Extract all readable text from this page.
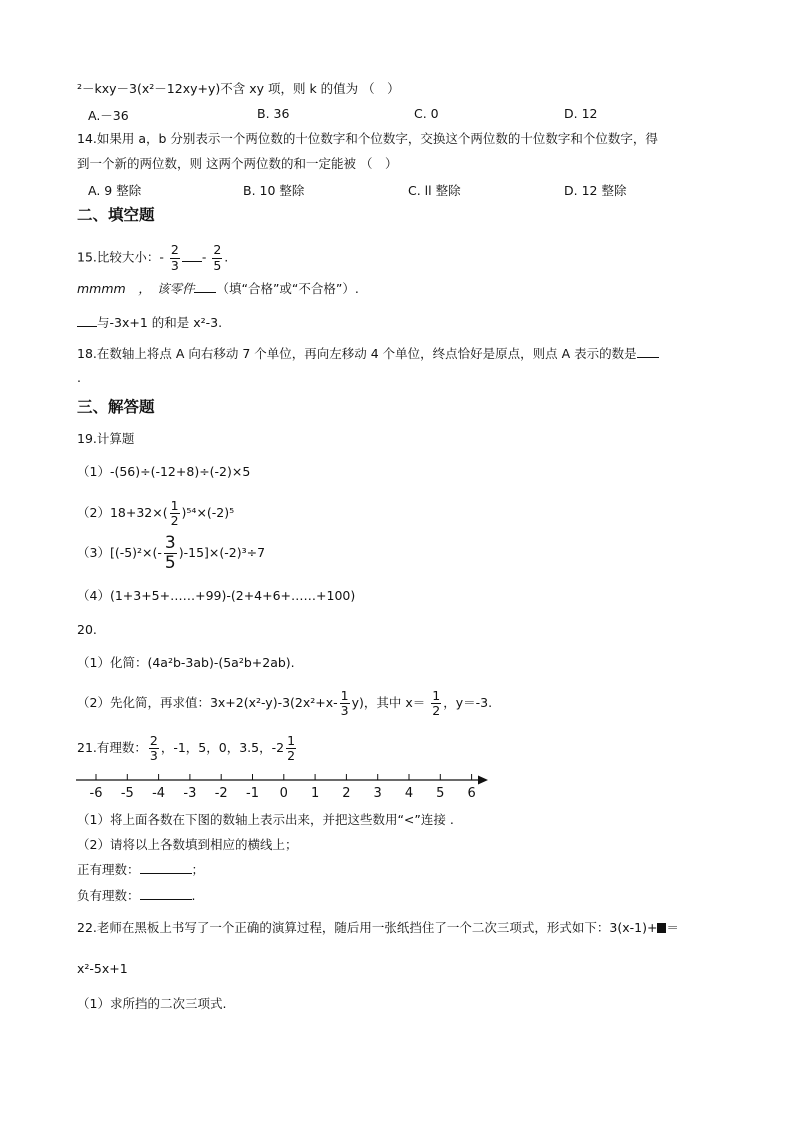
²－kxy－3(x²－12xy+y)不含 xy 项，则 k 的值为 （　）
A.－36	B. 36	C. 0	D. 12
14.如果用 a，b 分别表示一个两位数的十位数字和个位数字，交换这个两位数的十位数字和个位数字，得
到一个新的两位数，则 这两个两位数的和一定能被 （　）
A. 9 整除	B. 10 整除	C. ll 整除	D. 12 整除
二、填空题
15.比较大小：- $\frac{2}{3} - \frac{2}{5}$ .
mmmm　，　该零件 （填“合格”或“不合格”）.
与-3x+1 的和是 x²-3.
18.在数轴上将点 A 向右移动 7 个单位，再向左移动 4 个单位，终点恰好是原点，则点 A 表示的数是
.
三、解答题
19.计算题
（1）-(56)÷(-12+8)÷(-2)×5
$(2)18+32\times( \frac{1}{2} )^{54}\times(-2)^5$
$(3)[(-5)^2\times(- \frac{3}{5} )-15]\times(-2)^3\div 7$
（4）(1+3+5+……+99)-(2+4+6+……+100)
20.
（1）化简：(4a²b-3ab)-(5a²b+2ab).
（2）先化简，再求值：$3x+2(x^2-y)-3(2x^2+x- \frac{1}{3} y)$，其中 $x= \frac{1}{2}$ ，y＝-3.
21.有理数： $\frac{2}{3}$ ，-1，5，0，3.5，$-2 \frac{1}{2}$
-6 -5 -4 -3 -2 -1 0 1 2 3 4 5 6
（1）将上面各数在下图的数轴上表示出来，并把这些数用“<”连接 .
（2）请将以上各数填到相应的横线上；
正有理数：	；
负有理数：	.
22.老师在黑板上书写了一个正确的演算过程，随后用一张纸挡住了一个二次三项式，形式如下：3(x-1)+ ＝
x²-5x+1
（1）求所挡的二次三项式.
